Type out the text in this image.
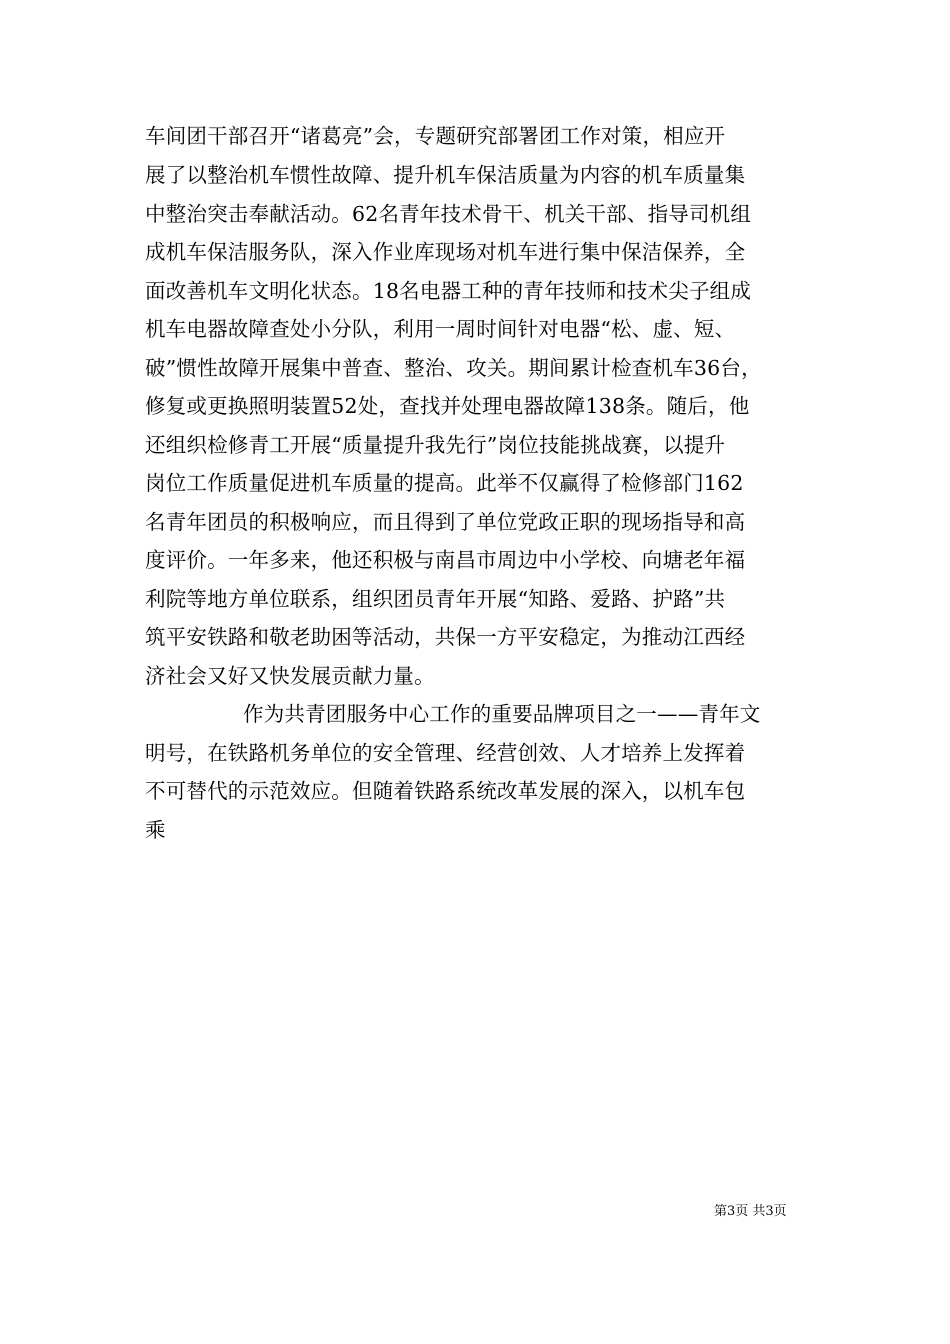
车间团干部召开“诸葛亮”会，专题研究部署团工作对策，相应开
展了以整治机车惯性故障、提升机车保洁质量为内容的机车质量集
中整治突击奉献活动。62名青年技术骨干、机关干部、指导司机组
成机车保洁服务队，深入作业库现场对机车进行集中保洁保养，全
面改善机车文明化状态。18名电器工种的青年技师和技术尖子组成
机车电器故障查处小分队，利用一周时间针对电器“松、虚、短、
破”惯性故障开展集中普查、整治、攻关。期间累计检查机车36台，
修复或更换照明装置52处，查找并处理电器故障138条。随后，他
还组织检修青工开展“质量提升我先行”岗位技能挑战赛，以提升
岗位工作质量促进机车质量的提高。此举不仅赢得了检修部门162
名青年团员的积极响应，而且得到了单位党政正职的现场指导和高
度评价。一年多来，他还积极与南昌市周边中小学校、向塘老年福
利院等地方单位联系，组织团员青年开展“知路、爱路、护路”共
筑平安铁路和敬老助困等活动，共保一方平安稳定，为推动江西经
济社会又好又快发展贡献力量。
作为共青团服务中心工作的重要品牌项目之一——青年文
明号，在铁路机务单位的安全管理、经营创效、人才培养上发挥着
不可替代的示范效应。但随着铁路系统改革发展的深入，以机车包
乘
第3页 共3页
